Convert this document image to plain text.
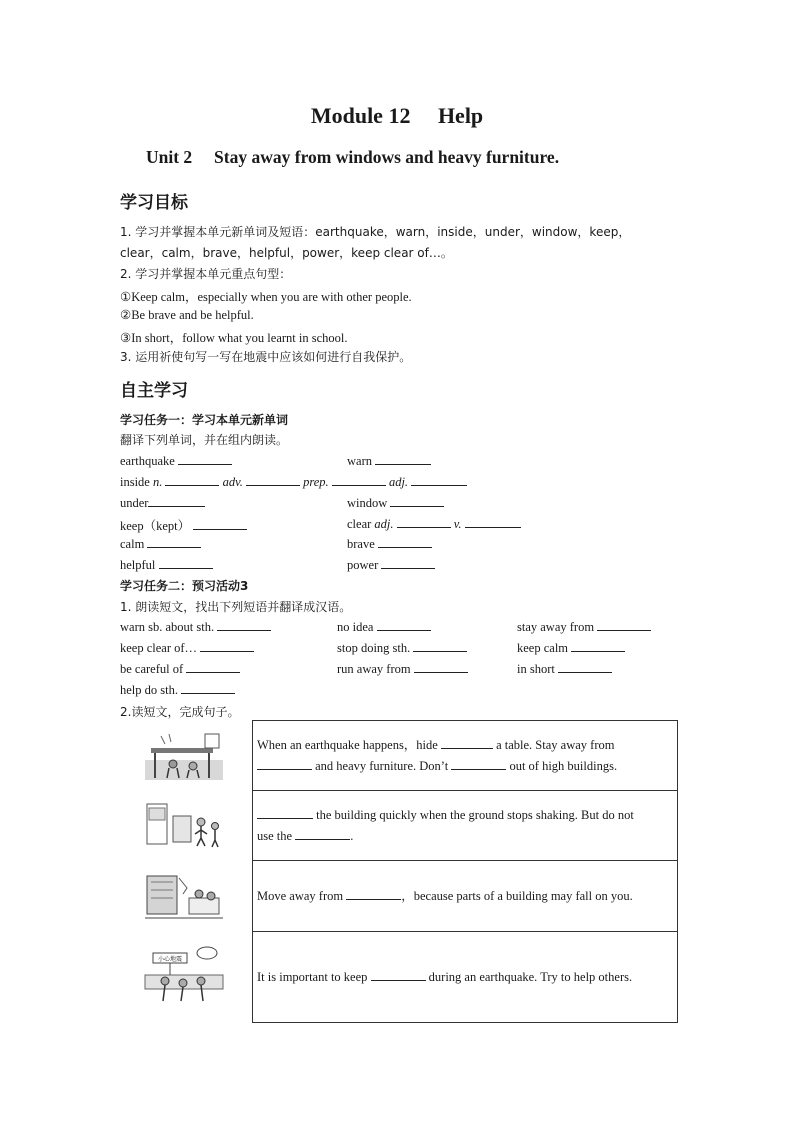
Module 12     Help
Unit 2     Stay away from windows and heavy furniture.
学习目标
1. 学习并掌握本单元新单词及短语：earthquake，warn，inside，under，window，keep，
clear，calm，brave，helpful，power，keep clear of…。
2. 学习并掌握本单元重点句型：
①Keep calm，especially when you are with other people.
②Be brave and be helpful.
③In short，follow what you learnt in school.
3. 运用祈使句写一写在地震中应该如何进行自我保护。
自主学习
学习任务一：学习本单元新单词
翻译下列单词，并在组内朗读。
earthquake	warn
inside n.	adv.	prep.	adj.
under	window
keep（kept）	clear adj.	v.
calm	brave
helpful	power
学习任务二：预习活动3
1. 朗读短文，找出下列短语并翻译成汉语。
warn sb. about sth.	no idea	stay away from
keep clear of…	stop doing sth.	keep calm
be careful of	run away from	in short
help do sth.
2.读短文，完成句子。
小心地震
When an earthquake happens，hide	a table. Stay away from
and heavy furniture. Don’t	out of high buildings.
the building quickly when the ground stops shaking. But do not
use the	.
Move away from	，because parts of a building may fall on you.
It is important to keep	during an earthquake. Try to help others.
